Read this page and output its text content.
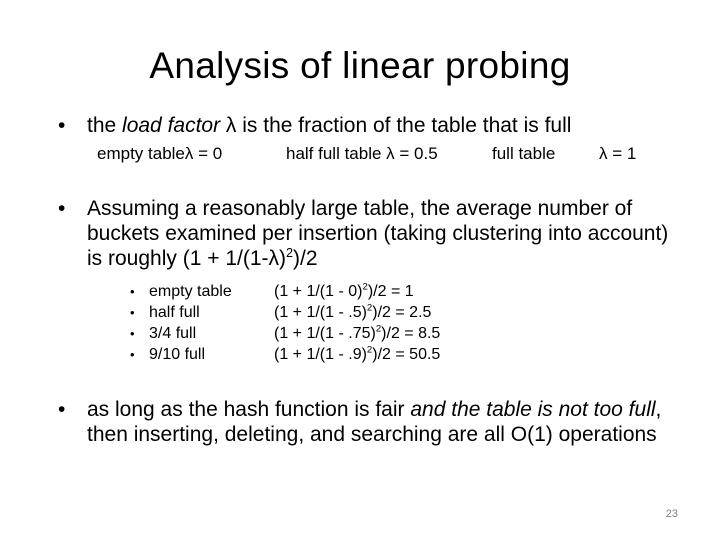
Analysis of linear probing
• the load factor λ is the fraction of the table that is full
empty tableλ = 0	half full table λ = 0.5	full table	λ = 1
• Assuming a reasonably large table, the average number of buckets examined per insertion (taking clustering into account) is roughly $(1 + 1/(1-\lambda)^2)/2$
• empty table	(1 + 1/(1 - 0)$^2$)/2 = 1
• half full	(1 + 1/(1 - .5)$^2$)/2 = 2.5
• 3/4 full	(1 + 1/(1 - .75)$^2$)/2 = 8.5
• 9/10 full	(1 + 1/(1 - .9)$^2$)/2 = 50.5
• as long as the hash function is fair and the table is not too full, then inserting, deleting, and searching are all O(1) operations
23
